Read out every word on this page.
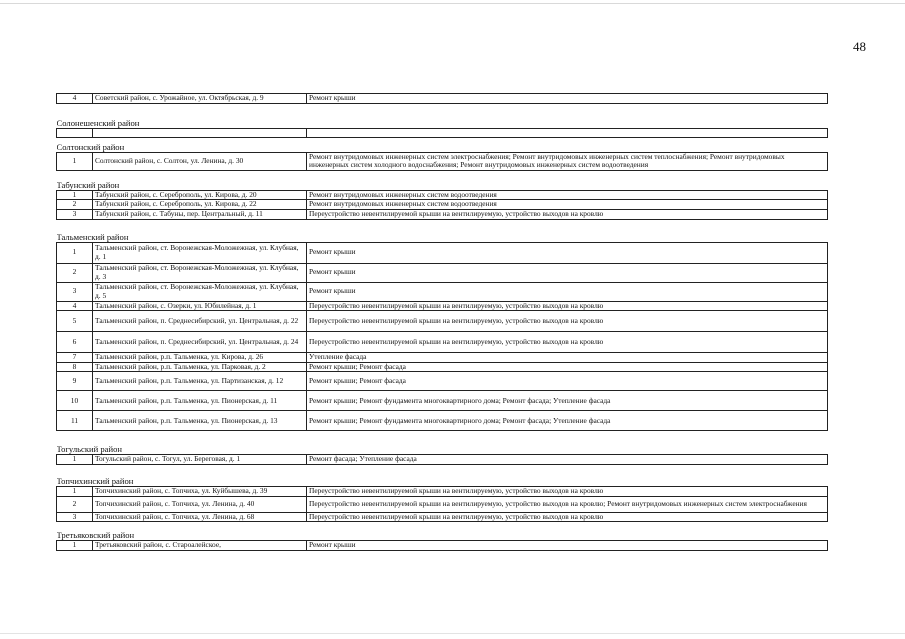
48
4	Советский район, с. Урожайное, ул. Октябрьская, д. 9	Ремонт крыши
Солонешенский район		

Солтонский район		
1	Солтонский район, с. Солтон, ул. Ленина, д. 30	Ремонт внутридомовых инженерных систем электроснабжения; Ремонт внутридомовых инженерных систем теплоснабжения; Ремонт внутридомовых инженерных систем холодного водоснабжения; Ремонт внутридомовых инженерных систем водоотведения
Табунский район		
1	Табунский район, с. Сереброполь, ул. Кирова, д. 20	Ремонт внутридомовых инженерных систем водоотведения
2	Табунский район, с. Сереброполь, ул. Кирова, д. 22	Ремонт внутридомовых инженерных систем водоотведения
3	Табунский район, с. Табуны, пер. Центральный, д. 11	Переустройство невентилируемой крыши на вентилируемую, устройство выходов на кровлю
Тальменский район		
1	Тальменский район, ст. Воронежская-Моложежная, ул. Клубная, д. 1	Ремонт крыши
2	Тальменский район, ст. Воронежская-Моложежная, ул. Клубная, д. 3	Ремонт крыши
3	Тальменский район, ст. Воронежская-Моложежная, ул. Клубная, д. 5	Ремонт крыши
4	Тальменский район, с. Озерки, ул. Юбилейная, д. 1	Переустройство невентилируемой крыши на вентилируемую, устройство выходов на кровлю
5	Тальменский район, п. Среднесибирский, ул. Центральная, д. 22	Переустройство невентилируемой крыши на вентилируемую, устройство выходов на кровлю
6	Тальменский район, п. Среднесибирский, ул. Центральная, д. 24	Переустройство невентилируемой крыши на вентилируемую, устройство выходов на кровлю
7	Тальменский район, р.п. Тальменка, ул. Кирова, д. 26	Утепление фасада
8	Тальменский район, р.п. Тальменка, ул. Парковая, д. 2	Ремонт крыши; Ремонт фасада
9	Тальменский район, р.п. Тальменка, ул. Партизанская, д. 12	Ремонт крыши; Ремонт фасада
10	Тальменский район, р.п. Тальменка, ул. Пионерская, д. 11	Ремонт крыши; Ремонт фундамента многоквартирного дома; Ремонт фасада; Утепление фасада
11	Тальменский район, р.п. Тальменка, ул. Пионерская, д. 13	Ремонт крыши; Ремонт фундамента многоквартирного дома; Ремонт фасада; Утепление фасада
Тогульский район		
1	Тогульский район, с. Тогул, ул. Береговая, д. 1	Ремонт фасада; Утепление фасада
Топчихинский район		
1	Топчихинский район, с. Топчиха, ул. Куйбышева, д. 39	Переустройство невентилируемой крыши на вентилируемую, устройство выходов на кровлю
2	Топчихинский район, с. Топчиха, ул. Ленина, д. 40	Переустройство невентилируемой крыши на вентилируемую, устройство выходов на кровлю; Ремонт внутридомовых инженерных систем электроснабжения
3	Топчихинский район, с. Топчиха, ул. Ленина, д. 68	Переустройство невентилируемой крыши на вентилируемую, устройство выходов на кровлю
Третьяковский район		
1	Третьяковский район, с. Староалейское,	Ремонт крыши
